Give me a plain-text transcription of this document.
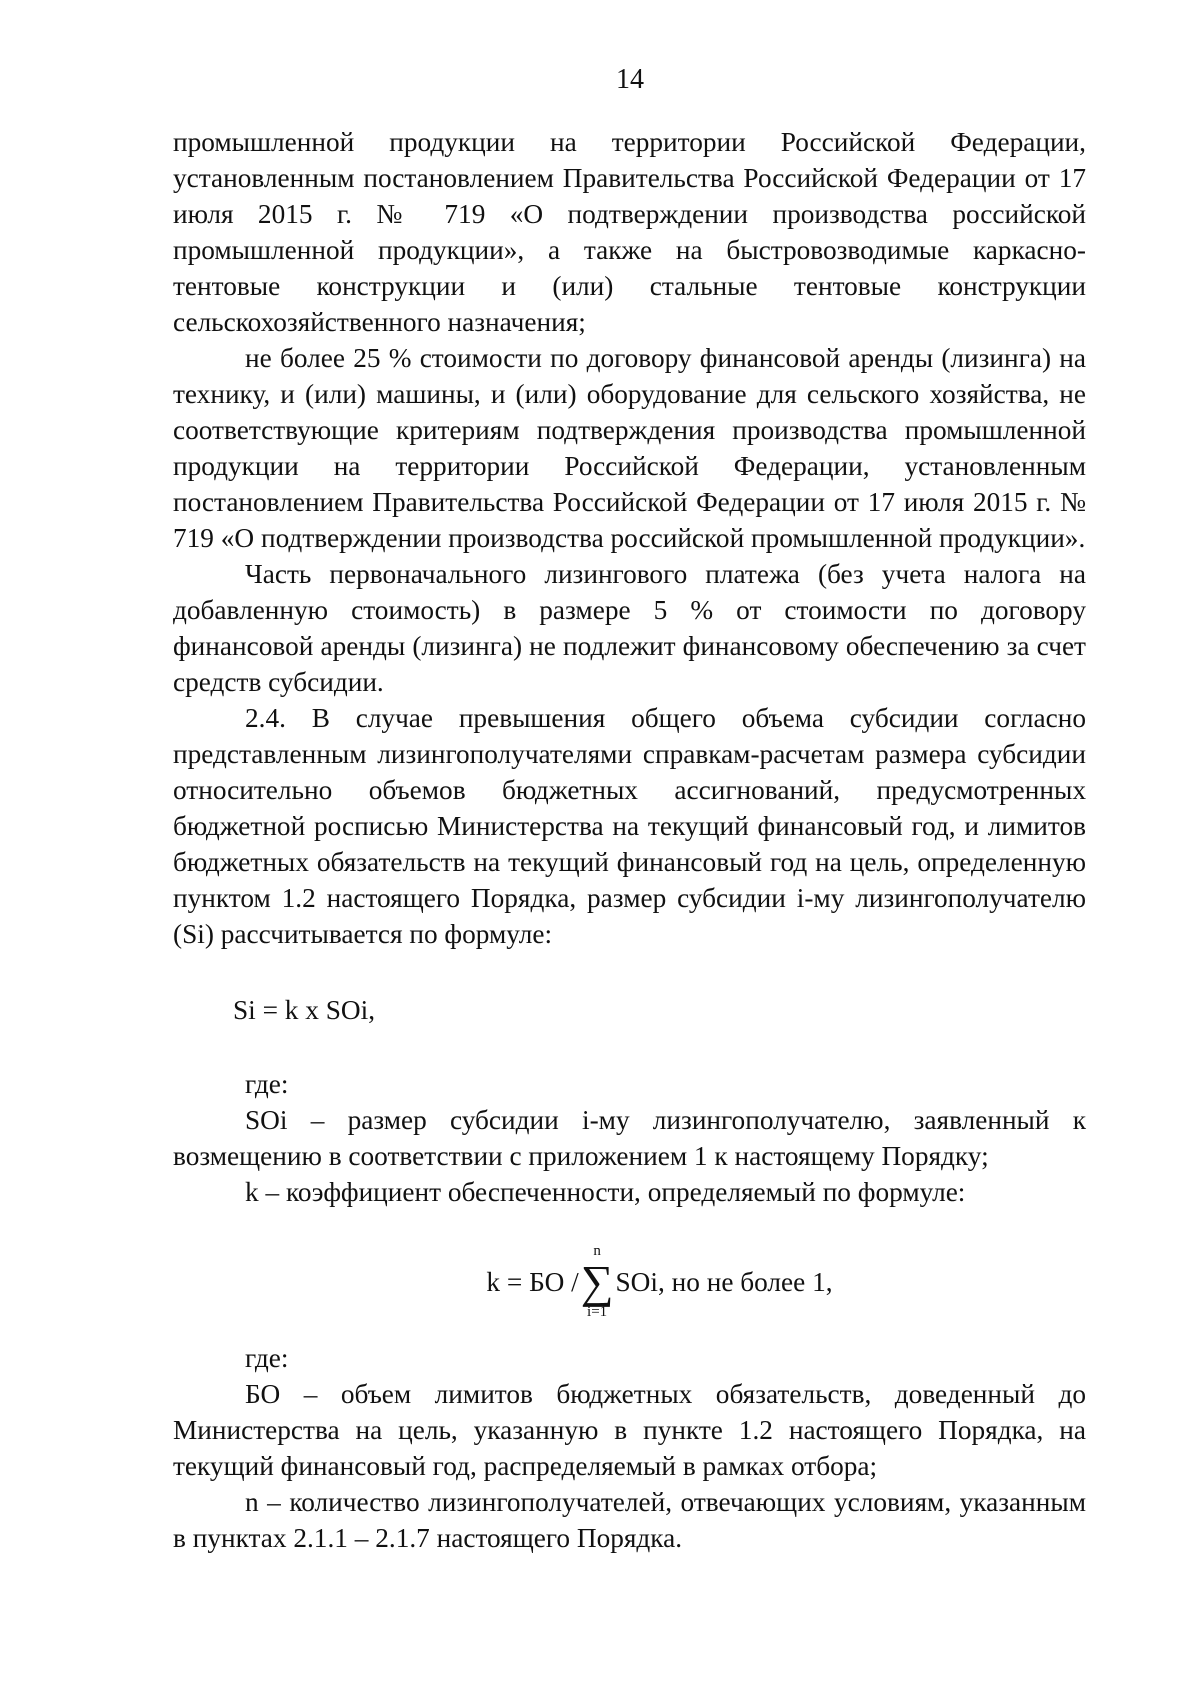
14

промышленной продукции на территории Российской Федерации, установленным постановлением Правительства Российской Федерации от 17 июля 2015 г. № 719 «О подтверждении производства российской промышленной продукции», а также на быстровозводимые каркасно-тентовые конструкции и (или) стальные тентовые конструкции сельскохозяйственного назначения;

не более 25 % стоимости по договору финансовой аренды (лизинга) на технику, и (или) машины, и (или) оборудование для сельского хозяйства, не соответствующие критериям подтверждения производства промышленной продукции на территории Российской Федерации, установленным постановлением Правительства Российской Федерации от 17 июля 2015 г. № 719 «О подтверждении производства российской промышленной продукции».

Часть первоначального лизингового платежа (без учета налога на добавленную стоимость) в размере 5 % от стоимости по договору финансовой аренды (лизинга) не подлежит финансовому обеспечению за счет средств субсидии.

2.4. В случае превышения общего объема субсидии согласно представленным лизингополучателями справкам-расчетам размера субсидии относительно объемов бюджетных ассигнований, предусмотренных бюджетной росписью Министерства на текущий финансовый год, и лимитов бюджетных обязательств на текущий финансовый год на цель, определенную пунктом 1.2 настоящего Порядка, размер субсидии i-му лизингополучателю (Si) рассчитывается по формуле:

Si = k x SOi,

где:

SOi – размер субсидии i-му лизингополучателю, заявленный к возмещению в соответствии с приложением 1 к настоящему Порядку;

k – коэффициент обеспеченности, определяемый по формуле:

k = БО /
n
∑
i=1
SOi, но не более 1,

где:

БО – объем лимитов бюджетных обязательств, доведенный до Министерства на цель, указанную в пункте 1.2 настоящего Порядка, на текущий финансовый год, распределяемый в рамках отбора;

n – количество лизингополучателей, отвечающих условиям, указанным в пунктах 2.1.1 – 2.1.7 настоящего Порядка.
